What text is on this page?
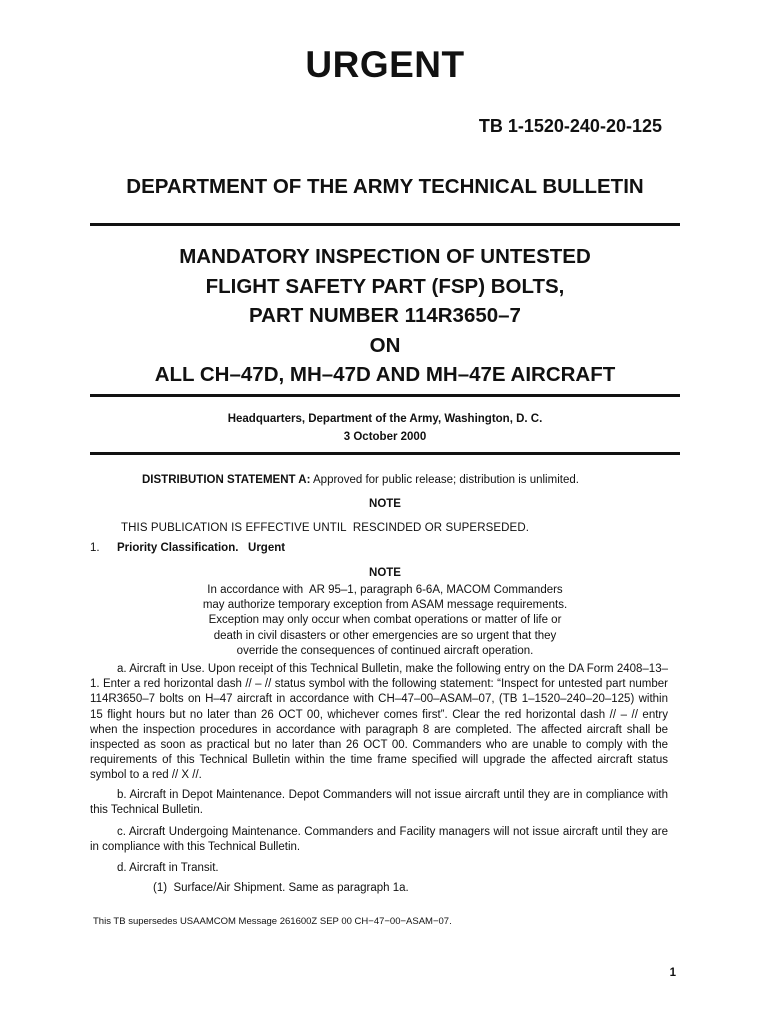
URGENT
TB 1-1520-240-20-125
DEPARTMENT OF THE ARMY TECHNICAL BULLETIN
MANDATORY INSPECTION OF UNTESTED
FLIGHT SAFETY PART (FSP) BOLTS,
PART NUMBER 114R3650–7
ON
ALL CH–47D, MH–47D AND MH–47E AIRCRAFT
Headquarters, Department of the Army, Washington, D. C.
3 October 2000
DISTRIBUTION STATEMENT A: Approved for public release; distribution is unlimited.
NOTE
THIS PUBLICATION IS EFFECTIVE UNTIL  RESCINDED OR SUPERSEDED.
1. Priority Classification.   Urgent
NOTE
In accordance with  AR 95–1, paragraph 6-6A, MACOM Commanders
may authorize temporary exception from ASAM message requirements.
Exception may only occur when combat operations or matter of life or
death in civil disasters or other emergencies are so urgent that they
override the consequences of continued aircraft operation.

a. Aircraft in Use. Upon receipt of this Technical Bulletin, make the following entry on the DA Form 2408–13–1. Enter a red horizontal dash // – // status symbol with the following statement: “Inspect for untested part number 114R3650–7 bolts on H–47 aircraft in accordance with CH–47–00–ASAM–07, (TB 1–1520–240–20–125) within 15 flight hours but no later than 26 OCT 00, whichever comes first”. Clear the red horizontal dash // – // entry when the inspection procedures in accordance with paragraph 8 are completed. The affected aircraft shall be inspected as soon as practical but no later than 26 OCT 00. Commanders who are unable to comply with the requirements of this Technical Bulletin within the time frame specified will upgrade the affected aircraft status symbol to a red // X //.

b. Aircraft in Depot Maintenance. Depot Commanders will not issue aircraft until they are in compliance with this Technical Bulletin.

c. Aircraft Undergoing Maintenance. Commanders and Facility managers will not issue aircraft until they are in compliance with this Technical Bulletin.

d. Aircraft in Transit.

(1)  Surface/Air Shipment. Same as paragraph 1a.
This TB supersedes USAAMCOM Message 261600Z SEP 00 CH−47−00−ASAM−07.
1
